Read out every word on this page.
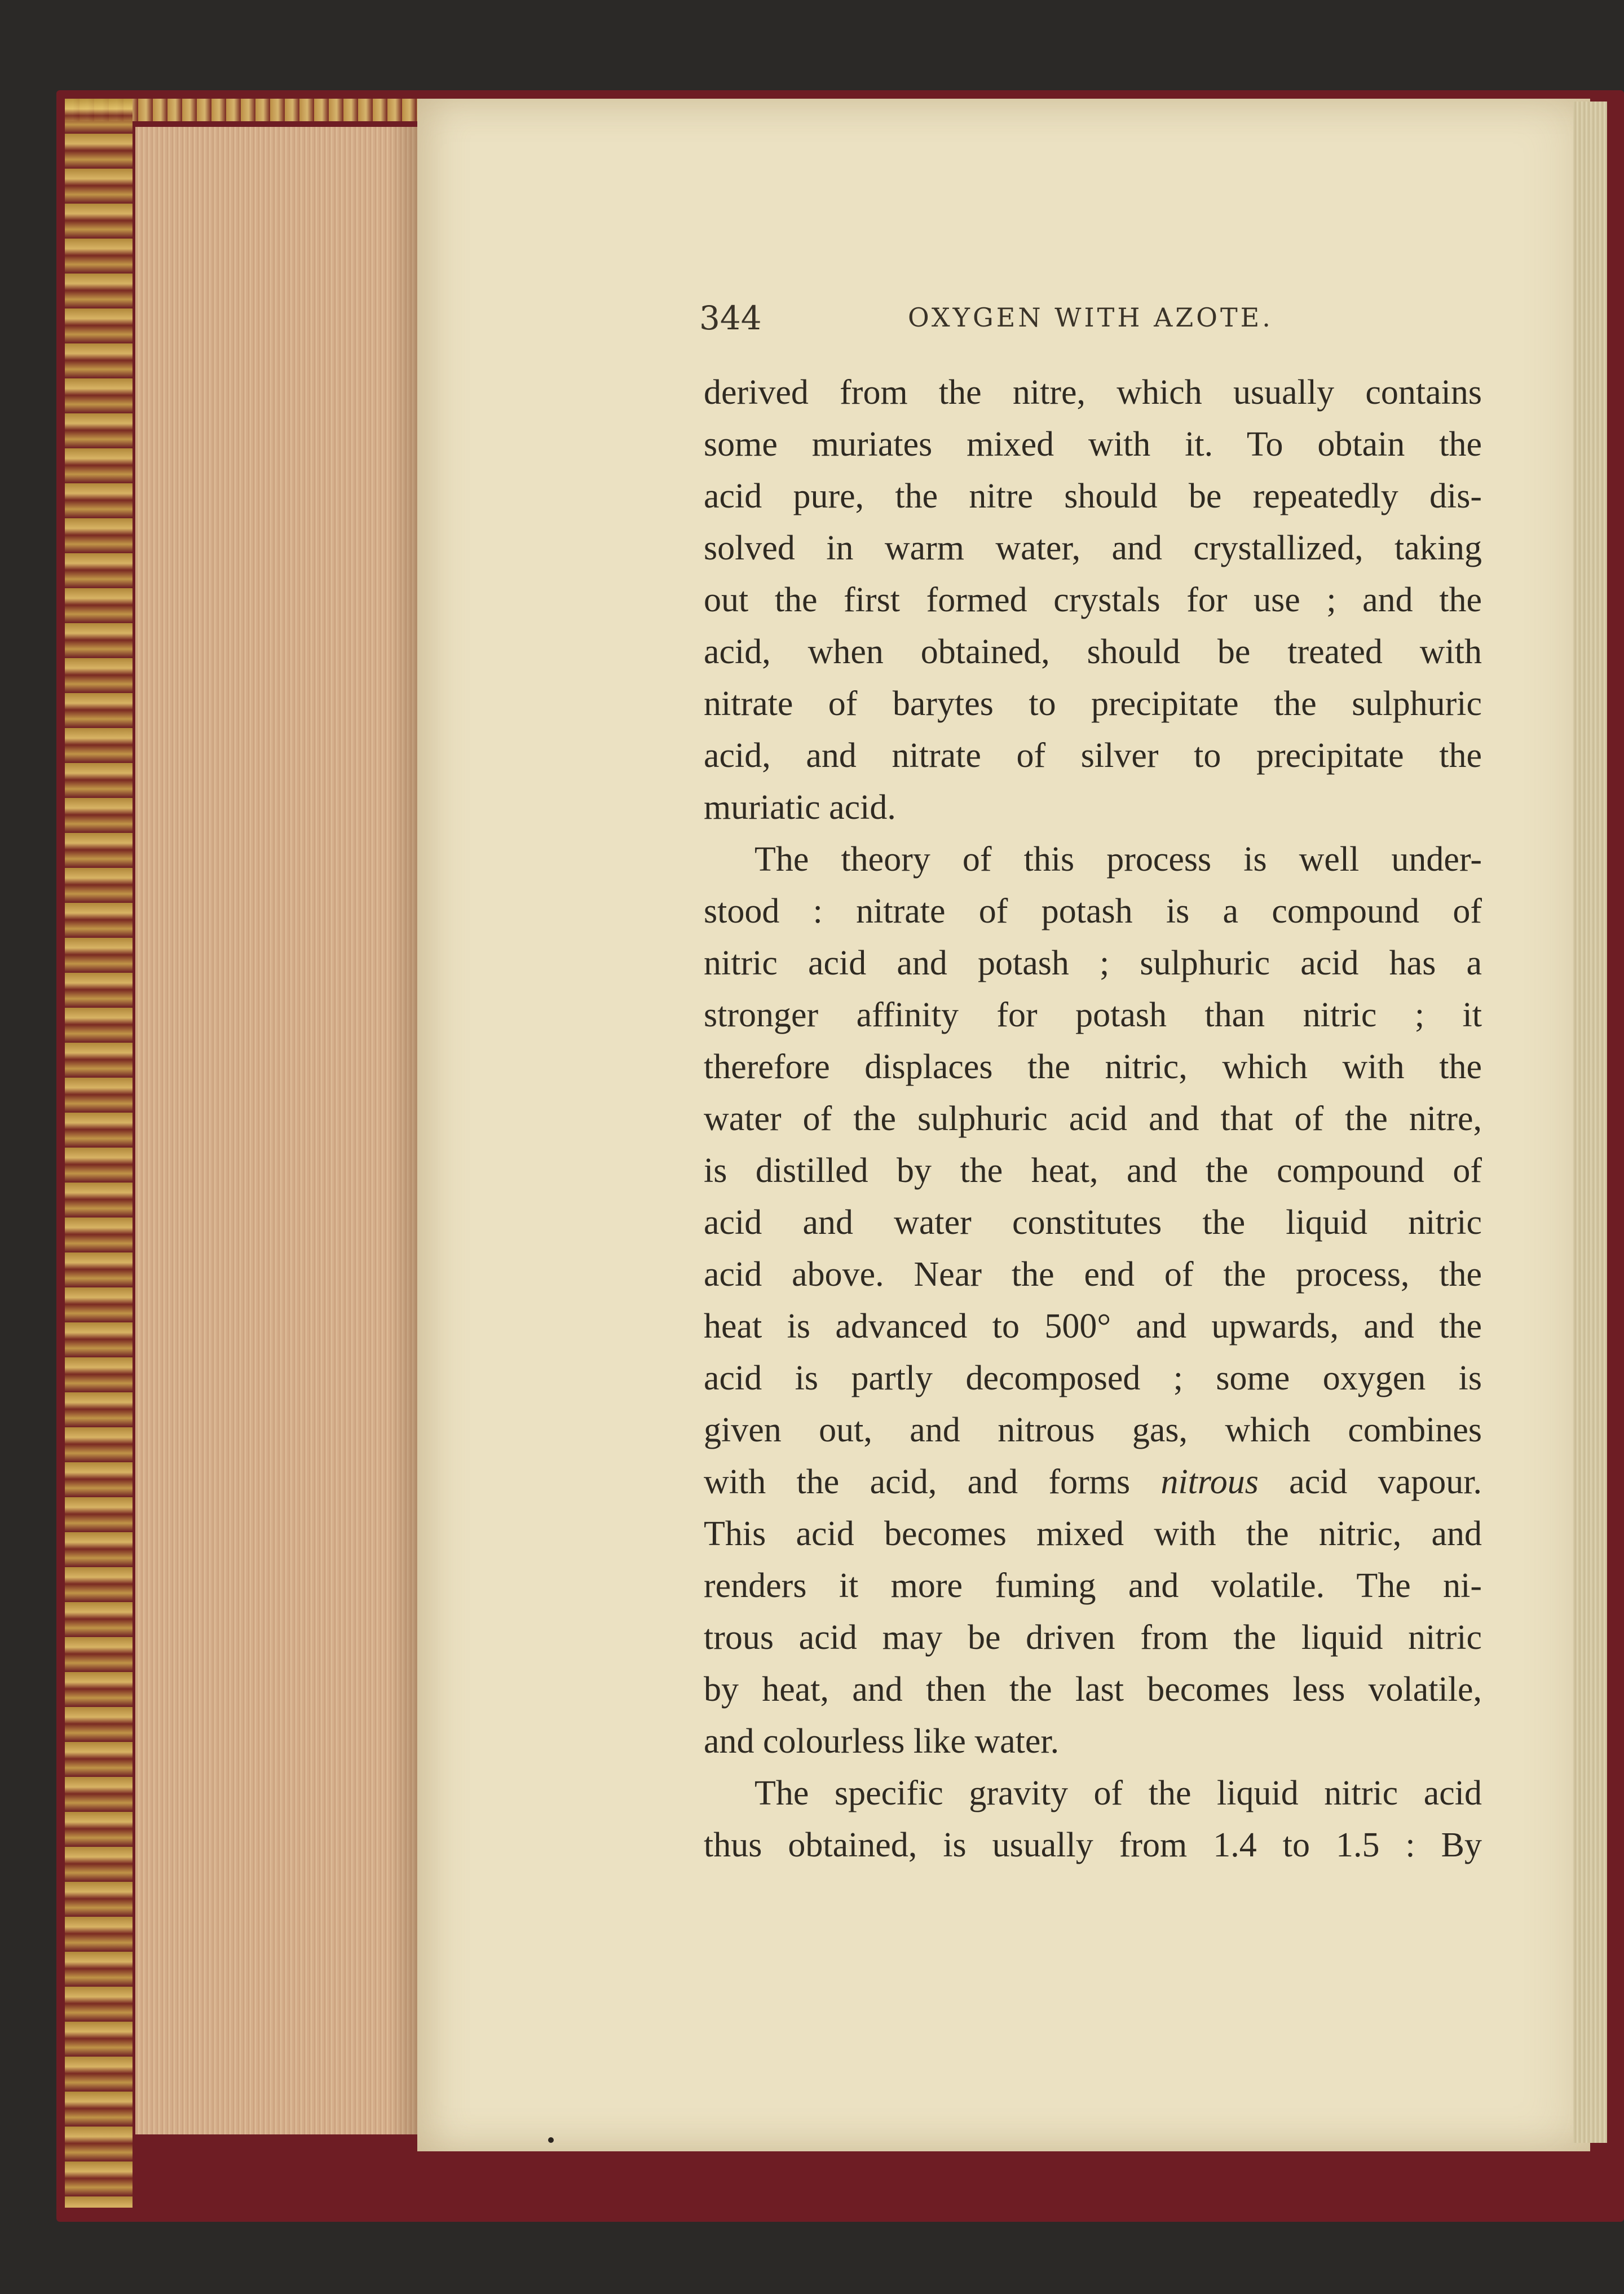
344	OXYGEN WITH AZOTE.
derived from the nitre, which usually contains
some muriates mixed with it. To obtain the
acid pure, the nitre should be repeatedly dis-
solved in warm water, and crystallized, taking
out the first formed crystals for use ; and the
acid, when obtained, should be treated with
nitrate of barytes to precipitate the sulphuric
acid, and nitrate of silver to precipitate the
muriatic acid.
The theory of this process is well under-
stood : nitrate of potash is a compound of
nitric acid and potash ; sulphuric acid has a
stronger affinity for potash than nitric ; it
therefore displaces the nitric, which with the
water of the sulphuric acid and that of the nitre,
is distilled by the heat, and the compound of
acid and water constitutes the liquid nitric
acid above. Near the end of the process, the
heat is advanced to 500° and upwards, and the
acid is partly decomposed ; some oxygen is
given out, and nitrous gas, which combines
with the acid, and forms nitrous acid vapour.
This acid becomes mixed with the nitric, and
renders it more fuming and volatile. The ni-
trous acid may be driven from the liquid nitric
by heat, and then the last becomes less volatile,
and colourless like water.
The specific gravity of the liquid nitric acid
thus obtained, is usually from 1.4 to 1.5 : By
